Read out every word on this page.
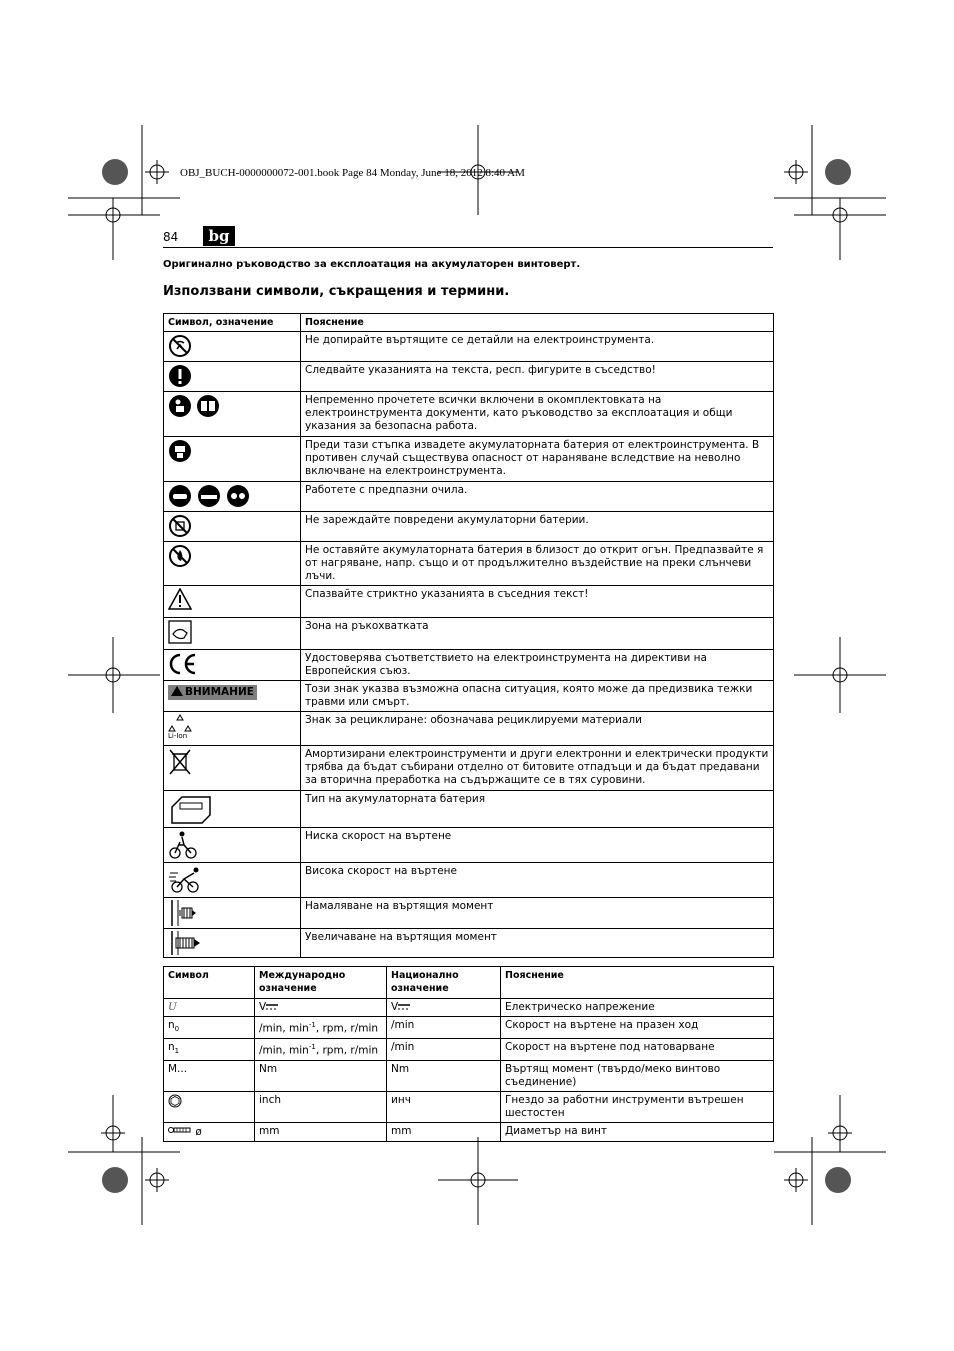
OBJ_BUCH-0000000072-001.book Page 84 Monday, June 18, 2012 8:40 AM
84	bg
Оригинално ръководство за експлоатация на акумулаторен винтоверт.
Използвани символи, съкращения и термини.
Символ, означение	Пояснение
	Не допирайте въртящите се детайли на електроинструмента.
	Следвайте указанията на текста, респ. фигурите в съседство!
	Непременно прочетете всички включени в окомплектовката на електроинструмента документи, като ръководство за експлоатация и общи указания за безопасна работа.
	Преди тази стъпка извадете акумулаторната батерия от електроинструмента. В противен случай съществува опасност от нараняване вследствие на неволно включване на електроинструмента.
	Работете с предпазни очила.
	Не зареждайте повредени акумулаторни батерии.
	Не оставяйте акумулаторната батерия в близост до открит огън. Предпазвайте я от нагряване, напр. също и от продължително въздействие на преки слънчеви лъчи.
	Спазвайте стриктно указанията в съседния текст!
	Зона на ръкохватката
	Удостоверява съответствието на електроинструмента на директиви на Европейския съюз.
ВНИМАНИЕ	Този знак указва възможна опасна ситуация, която може да предизвика тежки травми или смърт.

Li-Ion	Знак за рециклиране: обозначава рециклируеми материали
	Амортизирани електроинструменти и други електронни и електрически продукти трябва да бъдат събирани отделно от битовите отпадъци и да бъдат предавани за вторична преработка на съдържащите се в тях суровини.
	Тип на акумулаторната батерия
	Ниска скорост на въртене
	Висока скорост на въртене
	Намаляване на въртящия момент
	Увеличаване на въртящия момент
Символ	Международно означение	Национално означение	Пояснение
U	V	V	Електрическо напрежение
$n_0$	/min, $\min^{-1}$, rpm, r/min	/min	Скорост на въртене на празен ход
$n_1$	/min, $\min^{-1}$, rpm, r/min	/min	Скорост на въртене под натоварване
M...	Nm	Nm	Въртящ момент (твърдо/меко винтово съединение)
	inch	инч	Гнездо за работни инструменти вътрешен шестостен
ø	mm	mm	Диаметър на винт
